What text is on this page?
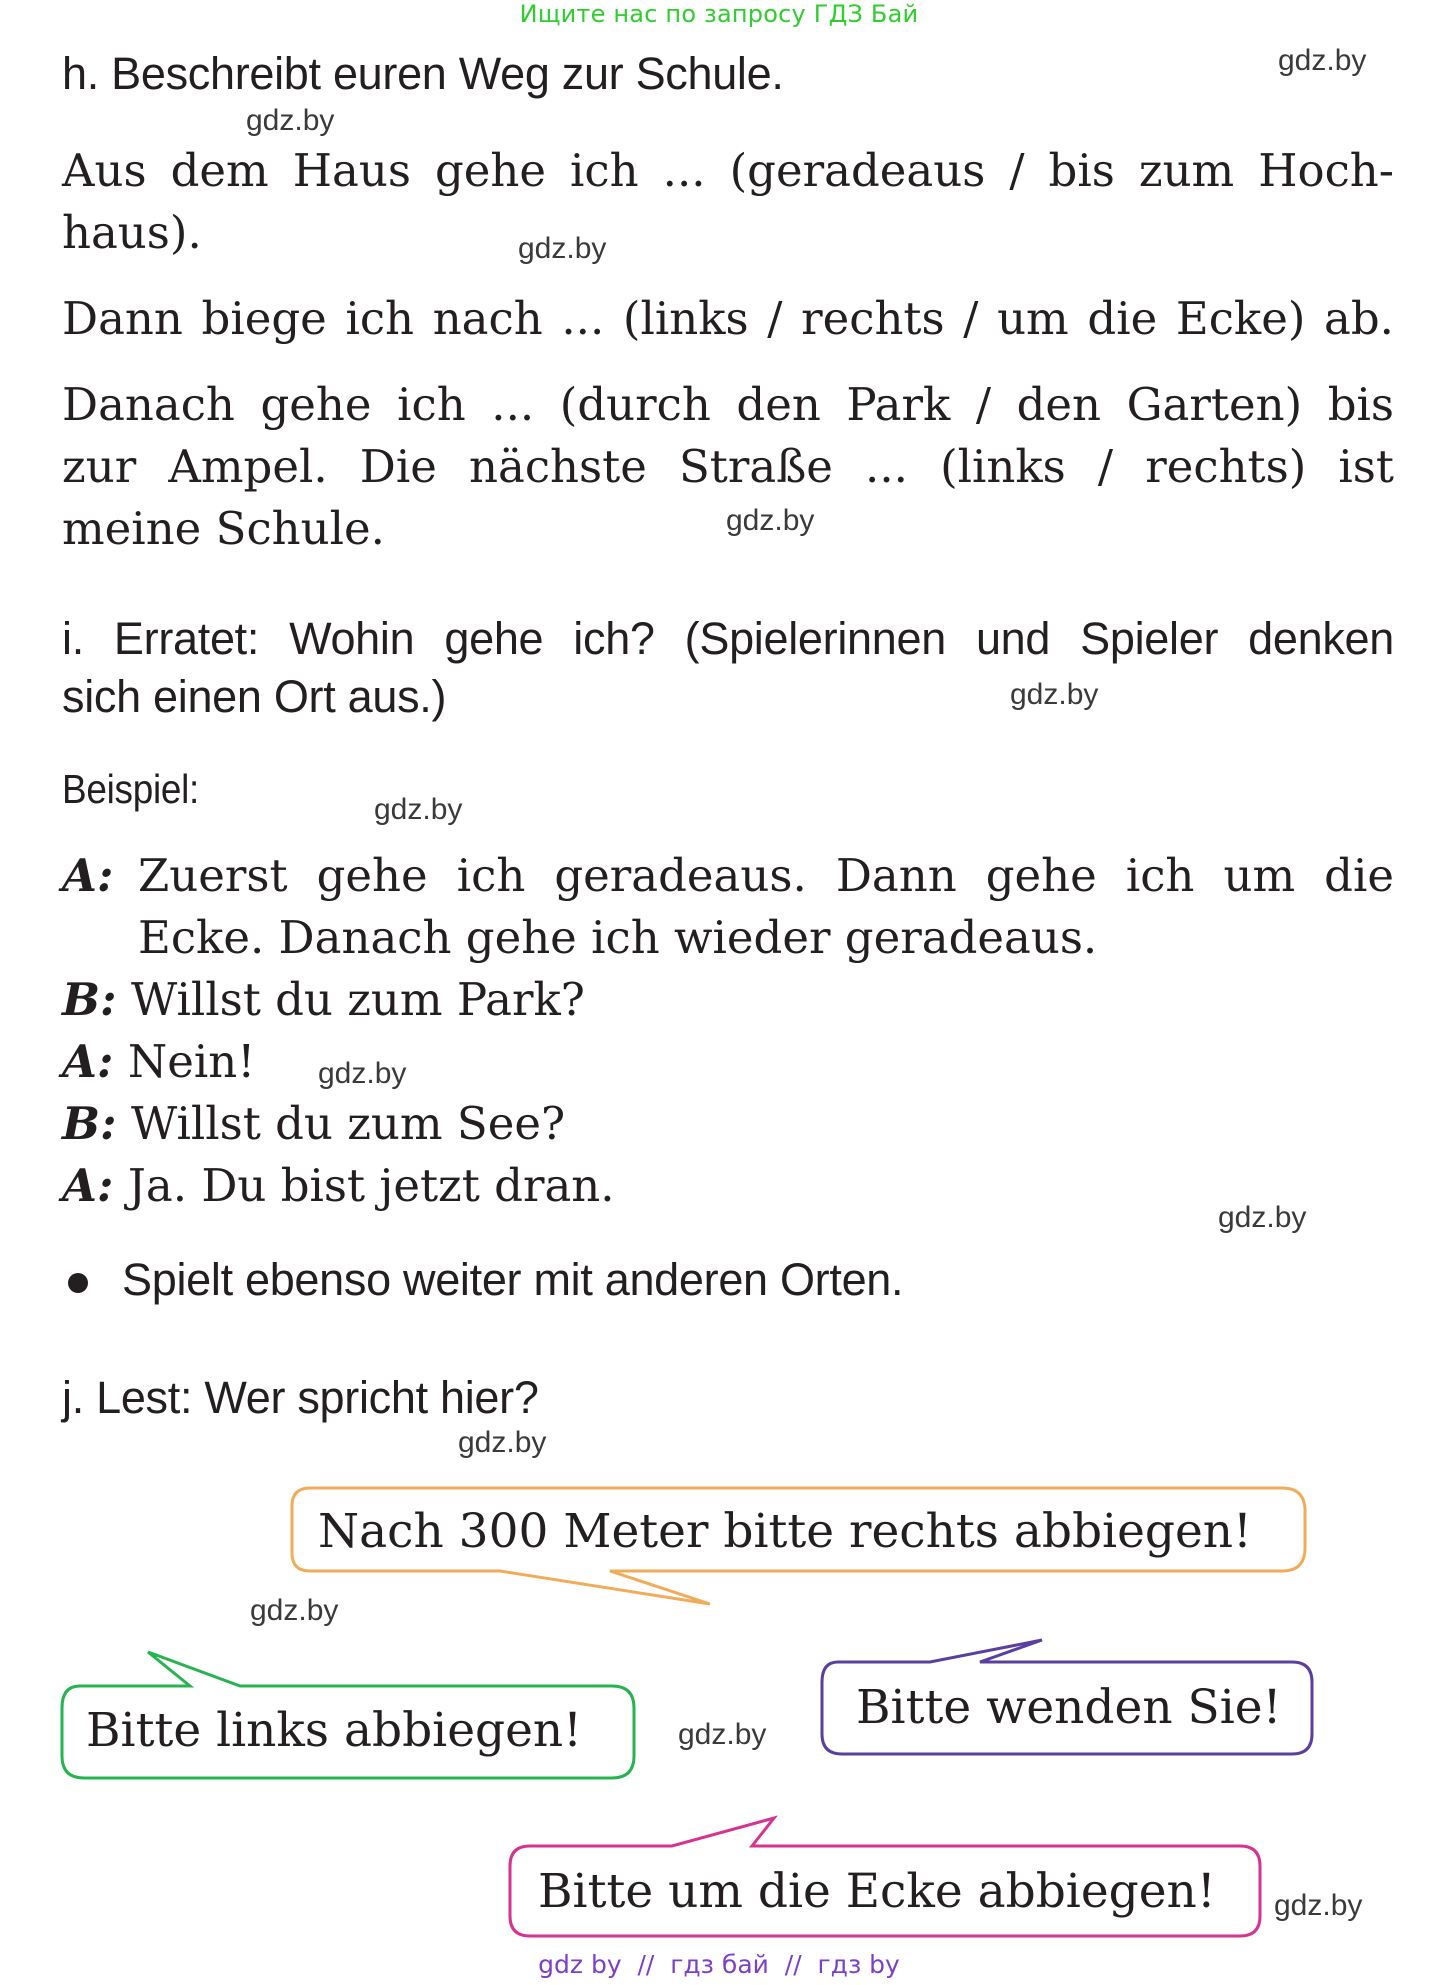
Ищите нас по запросу ГДЗ Бай
gdz.by
gdz.by
gdz.by
gdz.by
gdz.by
gdz.by
gdz.by
gdz.by
gdz.by
gdz.by
gdz.by
gdz.by
h. Beschreibt euren Weg zur Schule.
Aus dem Haus gehe ich ... (geradeaus / bis zum Hoch-
haus).
Dann biege ich nach ... (links / rechts / um die Ecke) ab.
Danach gehe ich ... (durch den Park / den Garten) bis
zur Ampel. Die nächste Straße ... (links / rechts) ist
meine Schule.
i. Erratet: Wohin gehe ich? (Spielerinnen und Spieler denken
sich einen Ort aus.)
Beispiel:
A: Zuerst gehe ich geradeaus. Dann gehe ich um die
Ecke. Danach gehe ich wieder geradeaus.
B: Willst du zum Park?
A: Nein!
B: Willst du zum See?
A: Ja. Du bist jetzt dran.
Spielt ebenso weiter mit anderen Orten.
j. Lest: Wer spricht hier?
Nach 300 Meter bitte rechts abbiegen!
Bitte links abbiegen!	Bitte wenden Sie!
Bitte um die Ecke abbiegen!
gdz by  //  гдз бай  //  гдз by
